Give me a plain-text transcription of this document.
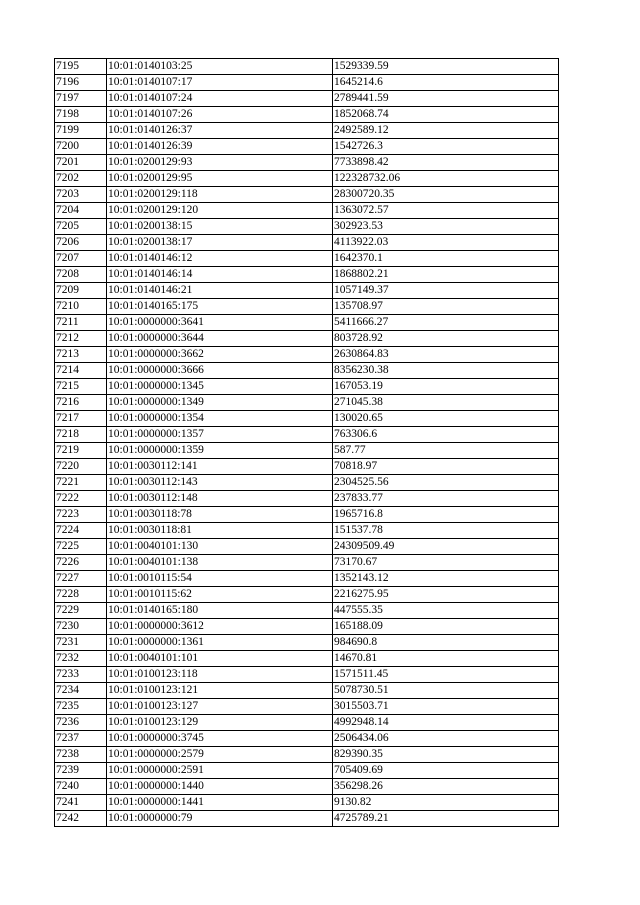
7195	10:01:0140103:25	1529339.59
7196	10:01:0140107:17	1645214.6
7197	10:01:0140107:24	2789441.59
7198	10:01:0140107:26	1852068.74
7199	10:01:0140126:37	2492589.12
7200	10:01:0140126:39	1542726.3
7201	10:01:0200129:93	7733898.42
7202	10:01:0200129:95	122328732.06
7203	10:01:0200129:118	28300720.35
7204	10:01:0200129:120	1363072.57
7205	10:01:0200138:15	302923.53
7206	10:01:0200138:17	4113922.03
7207	10:01:0140146:12	1642370.1
7208	10:01:0140146:14	1868802.21
7209	10:01:0140146:21	1057149.37
7210	10:01:0140165:175	135708.97
7211	10:01:0000000:3641	5411666.27
7212	10:01:0000000:3644	803728.92
7213	10:01:0000000:3662	2630864.83
7214	10:01:0000000:3666	8356230.38
7215	10:01:0000000:1345	167053.19
7216	10:01:0000000:1349	271045.38
7217	10:01:0000000:1354	130020.65
7218	10:01:0000000:1357	763306.6
7219	10:01:0000000:1359	587.77
7220	10:01:0030112:141	70818.97
7221	10:01:0030112:143	2304525.56
7222	10:01:0030112:148	237833.77
7223	10:01:0030118:78	1965716.8
7224	10:01:0030118:81	151537.78
7225	10:01:0040101:130	24309509.49
7226	10:01:0040101:138	73170.67
7227	10:01:0010115:54	1352143.12
7228	10:01:0010115:62	2216275.95
7229	10:01:0140165:180	447555.35
7230	10:01:0000000:3612	165188.09
7231	10:01:0000000:1361	984690.8
7232	10:01:0040101:101	14670.81
7233	10:01:0100123:118	1571511.45
7234	10:01:0100123:121	5078730.51
7235	10:01:0100123:127	3015503.71
7236	10:01:0100123:129	4992948.14
7237	10:01:0000000:3745	2506434.06
7238	10:01:0000000:2579	829390.35
7239	10:01:0000000:2591	705409.69
7240	10:01:0000000:1440	356298.26
7241	10:01:0000000:1441	9130.82
7242	10:01:0000000:79	4725789.21
